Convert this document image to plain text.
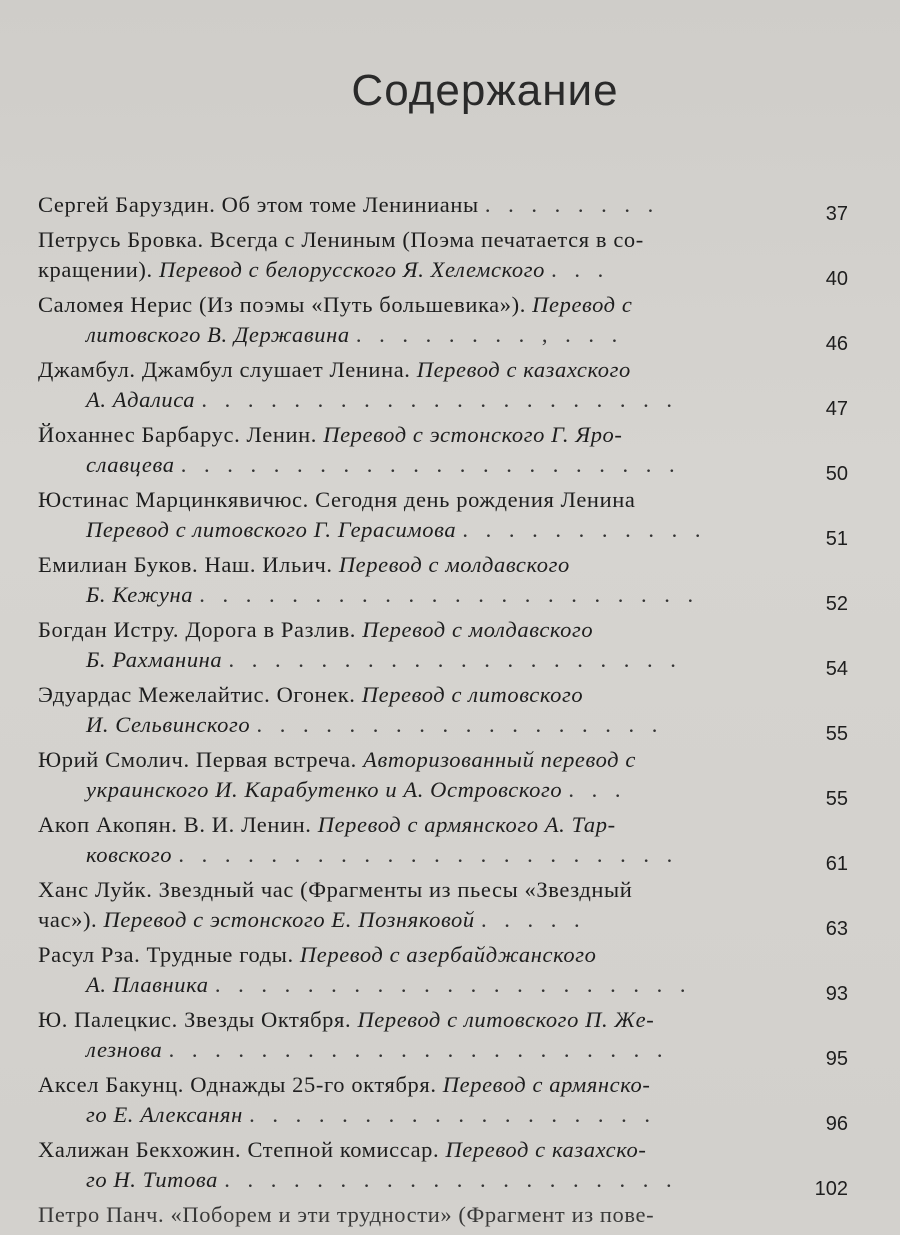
Содержание
Сергей Баруздин. Об этом томе Ленинианы . . . . . . . .	37
Петрусь Бровка. Всегда с Лениным (Поэма печатается в со-
кращении). Перевод с белорусского Я. Хелемского . . .	40
Саломея Нерис (Из поэмы «Путь большевика»). Перевод с
литовского В. Державина . . . . . . . . , . . .	46
Джамбул. Джамбул слушает Ленина. Перевод с казахского
А. Адалиса . . . . . . . . . . . . . . . . . . . . .	47
Йоханнес Барбарус. Ленин. Перевод с эстонского Г. Яро-
славцева . . . . . . . . . . . . . . . . . . . . . .	50
Юстинас Марцинкявичюс. Сегодня день рождения Ленина
Перевод с литовского Г. Герасимова . . . . . . . . . . .	51
Емилиан Буков. Наш. Ильич. Перевод с молдавского
Б. Кежуна . . . . . . . . . . . . . . . . . . . . . .	52
Богдан Истру. Дорога в Разлив. Перевод с молдавского
Б. Рахманина . . . . . . . . . . . . . . . . . . . .	54
Эдуардас Межелайтис. Огонек. Перевод с литовского
И. Сельвинского . . . . . . . . . . . . . . . . . .	55
Юрий Смолич. Первая встреча. Авторизованный перевод с
украинского И. Карабутенко и А. Островского . . .	55
Акоп Акопян. В. И. Ленин. Перевод с армянского А. Тар-
ковского . . . . . . . . . . . . . . . . . . . . . .	61
Ханс Луйк. Звездный час (Фрагменты из пьесы «Звездный
час»). Перевод с эстонского Е. Позняковой . . . . .	63
Расул Рза. Трудные годы. Перевод с азербайджанского
А. Плавника . . . . . . . . . . . . . . . . . . . . .	93
Ю. Палецкис. Звезды Октября. Перевод с литовского П. Же-
лезнова . . . . . . . . . . . . . . . . . . . . . .	95
Аксел Бакунц. Однажды 25-го октября. Перевод с армянско-
го Е. Алексанян . . . . . . . . . . . . . . . . . .	96
Халижан Бекхожин. Степной комиссар. Перевод с казахско-
го Н. Титова . . . . . . . . . . . . . . . . . . . .	102
Петро Панч. «Поборем и эти трудности» (Фрагмент из пове-
